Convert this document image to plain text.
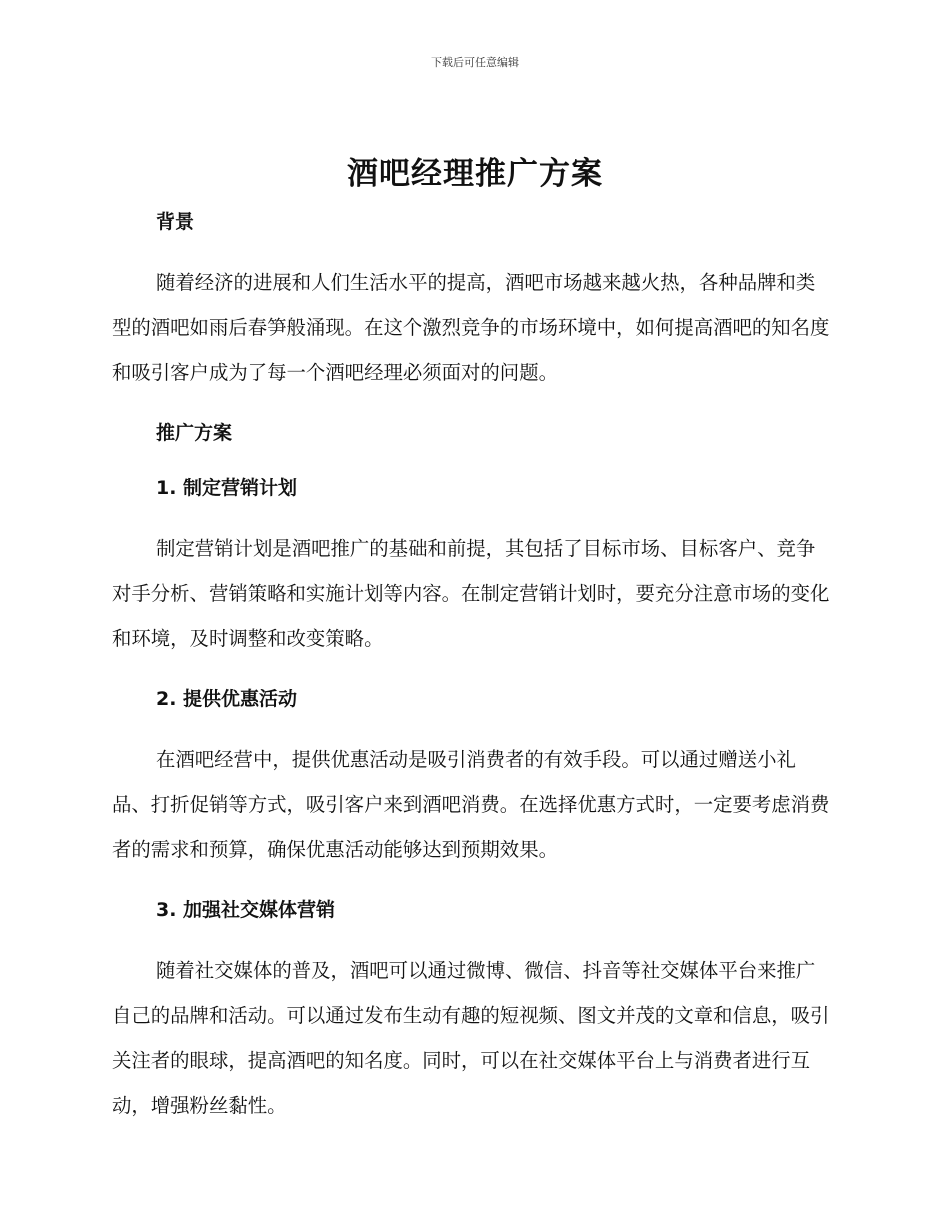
下载后可任意编辑
酒吧经理推广方案
背景

随着经济的进展和人们生活水平的提高，酒吧市场越来越火热，各种品牌和类型的酒吧如雨后春笋般涌现。在这个激烈竞争的市场环境中，如何提高酒吧的知名度和吸引客户成为了每一个酒吧经理必须面对的问题。

推广方案
1. 制定营销计划

制定营销计划是酒吧推广的基础和前提，其包括了目标市场、目标客户、竞争对手分析、营销策略和实施计划等内容。在制定营销计划时，要充分注意市场的变化和环境，及时调整和改变策略。

2. 提供优惠活动

在酒吧经营中，提供优惠活动是吸引消费者的有效手段。可以通过赠送小礼品、打折促销等方式，吸引客户来到酒吧消费。在选择优惠方式时，一定要考虑消费者的需求和预算，确保优惠活动能够达到预期效果。

3. 加强社交媒体营销

随着社交媒体的普及，酒吧可以通过微博、微信、抖音等社交媒体平台来推广自己的品牌和活动。可以通过发布生动有趣的短视频、图文并茂的文章和信息，吸引关注者的眼球，提高酒吧的知名度。同时，可以在社交媒体平台上与消费者进行互动，增强粉丝黏性。
